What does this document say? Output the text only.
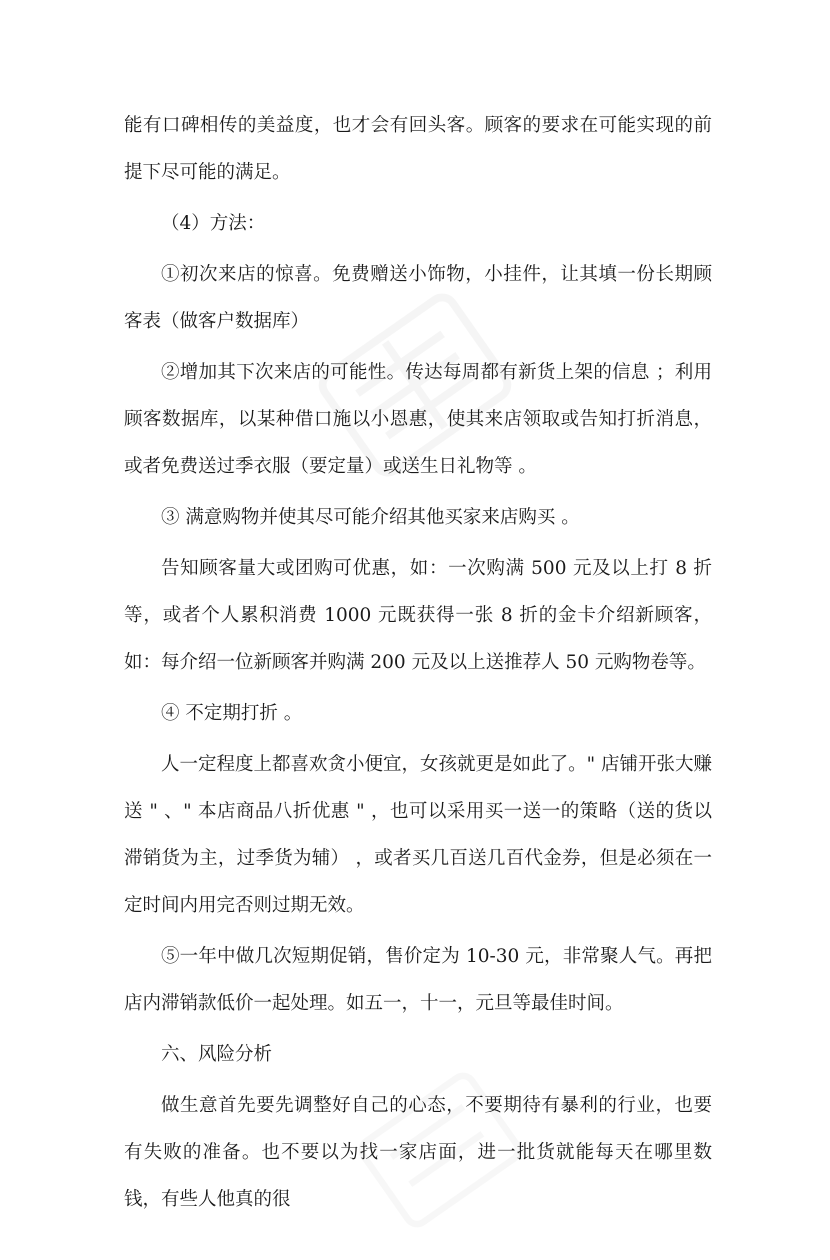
能有口碑相传的美益度，也才会有回头客。顾客的要求在可能实现的前提下尽可能的满足。

（4）方法：

①初次来店的惊喜。免费赠送小饰物，小挂件，让其填一份长期顾客表（做客户数据库）

②增加其下次来店的可能性。传达每周都有新货上架的信息 ；利用顾客数据库，以某种借口施以小恩惠，使其来店领取或告知打折消息，或者免费送过季衣服（要定量）或送生日礼物等 。

③ 满意购物并使其尽可能介绍其他买家来店购买 。

告知顾客量大或团购可优惠，如：一次购满 500 元及以上打 8 折等，或者个人累积消费 1000 元既获得一张 8 折的金卡介绍新顾客，如：每介绍一位新顾客并购满 200 元及以上送推荐人 50 元购物卷等。

④ 不定期打折 。

人一定程度上都喜欢贪小便宜，女孩就更是如此了。" 店铺开张大赚送 " 、" 本店商品八折优惠 " ，也可以采用买一送一的策略（送的货以滞销货为主，过季货为辅） ，或者买几百送几百代金券，但是必须在一定时间内用完否则过期无效。

⑤一年中做几次短期促销，售价定为 10-30 元，非常聚人气。再把店内滞销款低价一起处理。如五一，十一，元旦等最佳时间。

六、风险分析

做生意首先要先调整好自己的心态，不要期待有暴利的行业，也要有失败的准备。也不要以为找一家店面，进一批货就能每天在哪里数钱，有些人他真的很
